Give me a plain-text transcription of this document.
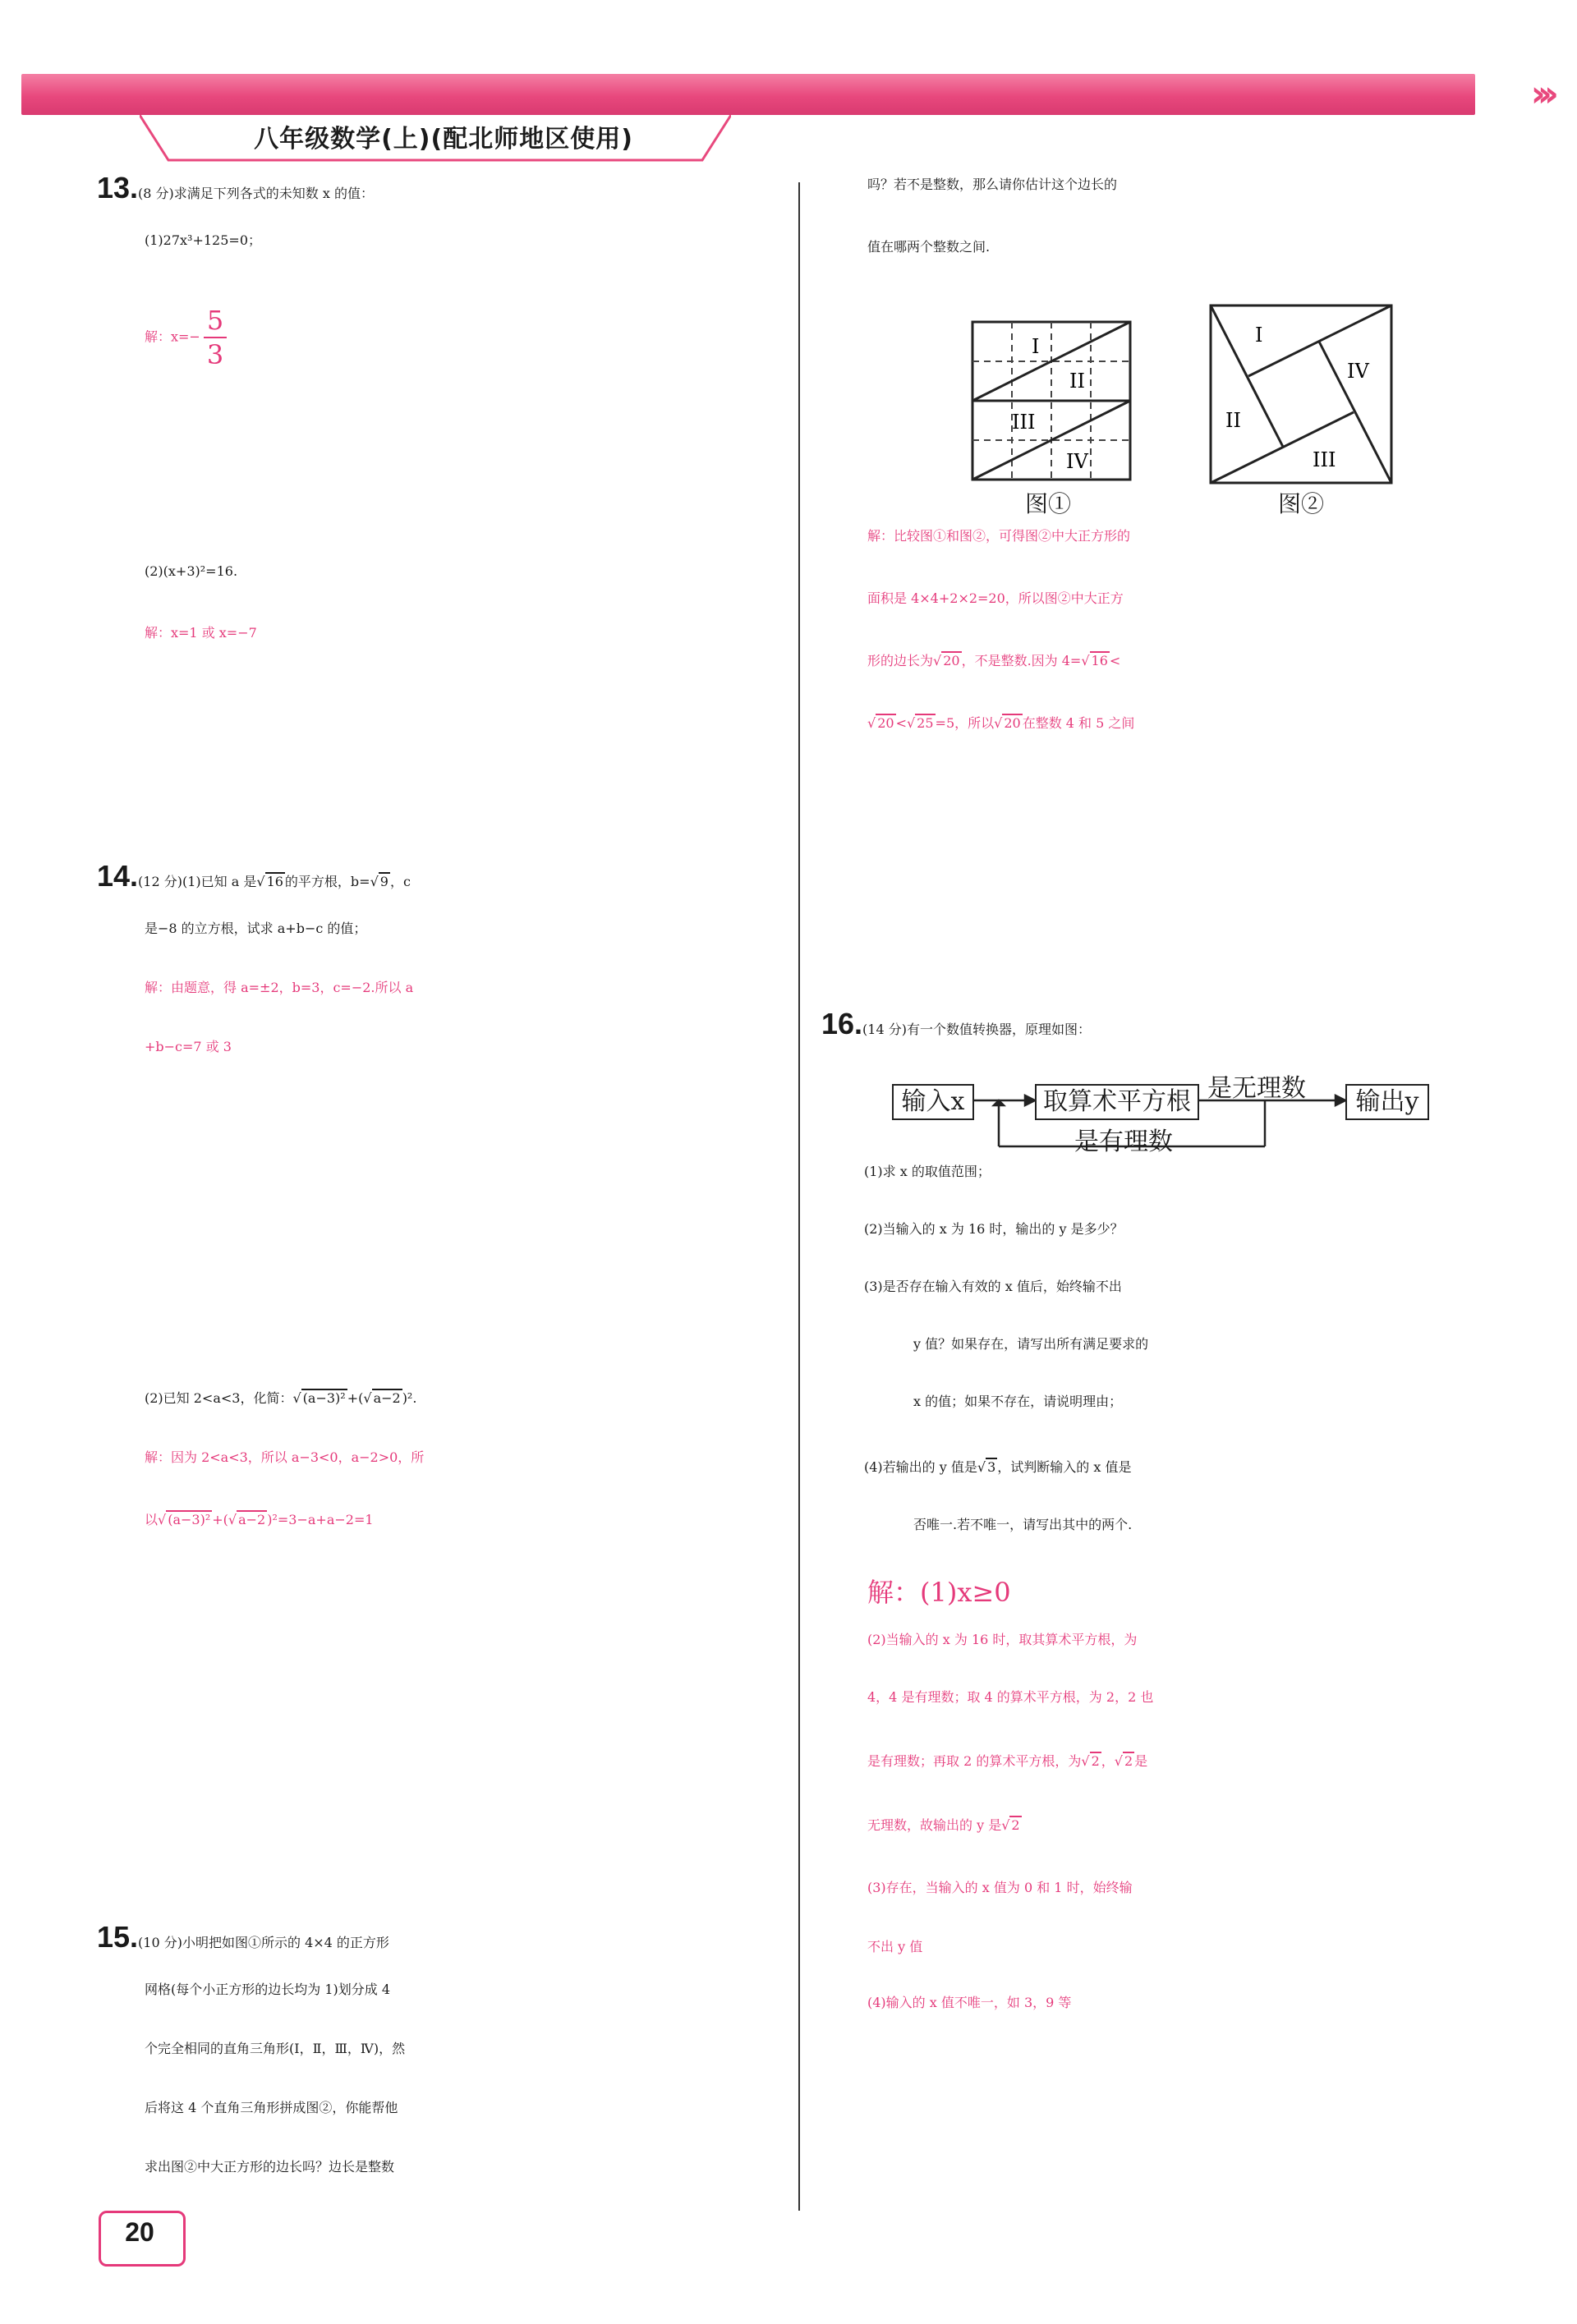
›››
八年级数学(上)(配北师地区使用)
13.(8 分)求满足下列各式的未知数 x 的值：
(1)27x³+125=0；
解：$x=- \frac{5}{3}$
(2)(x+3)²=16.
解：x=1 或 x=−7
14.(12 分)(1)已知 a 是 √ 16 的平方根，b= √ 9 ，c
是−8 的立方根，试求 a+b−c 的值；
解：由题意，得 a=±2，b=3，c=−2.所以 a
+b−c=7 或 3
(2)已知 2<a<3，化简： √ (a−3)² +( √ a−2 )².
解：因为 2<a<3，所以 a−3<0，a−2>0，所
以 √ (a−3)² +( √ a−2 )²=3−a+a−2=1
15.(10 分)小明把如图①所示的 4×4 的正方形
网格(每个小正方形的边长均为 1)划分成 4
个完全相同的直角三角形(Ⅰ，Ⅱ，Ⅲ，Ⅳ)，然
后将这 4 个直角三角形拼成图②，你能帮他
求出图②中大正方形的边长吗？边长是整数
吗？若不是整数，那么请你估计这个边长的
值在哪两个整数之间.
I
II
III
IV
图①
I
II
III
IV
图②
解：比较图①和图②，可得图②中大正方形的
面积是 4×4+2×2=20，所以图②中大正方
形的边长为 √ 20 ，不是整数.因为 4= √ 16 <
√ 20 < √ 25 =5，所以 √ 20 在整数 4 和 5 之间
16.(14 分)有一个数值转换器，原理如图：
输入x	取算术平方根	输出y
是无理数
是有理数
(1)求 x 的取值范围；
(2)当输入的 x 为 16 时，输出的 y 是多少？
(3)是否存在输入有效的 x 值后，始终输不出
y 值？如果存在，请写出所有满足要求的
x 的值；如果不存在，请说明理由；
(4)若输出的 y 值是 √ 3 ，试判断输入的 x 值是
否唯一.若不唯一，请写出其中的两个.
解：(1)x≥0
(2)当输入的 x 为 16 时，取其算术平方根，为
4，4 是有理数；取 4 的算术平方根，为 2，2 也
是有理数；再取 2 的算术平方根，为 √ 2 ， √ 2 是
无理数，故输出的 y 是 √ 2
(3)存在，当输入的 x 值为 0 和 1 时，始终输
不出 y 值
(4)输入的 x 值不唯一，如 3，9 等
20
